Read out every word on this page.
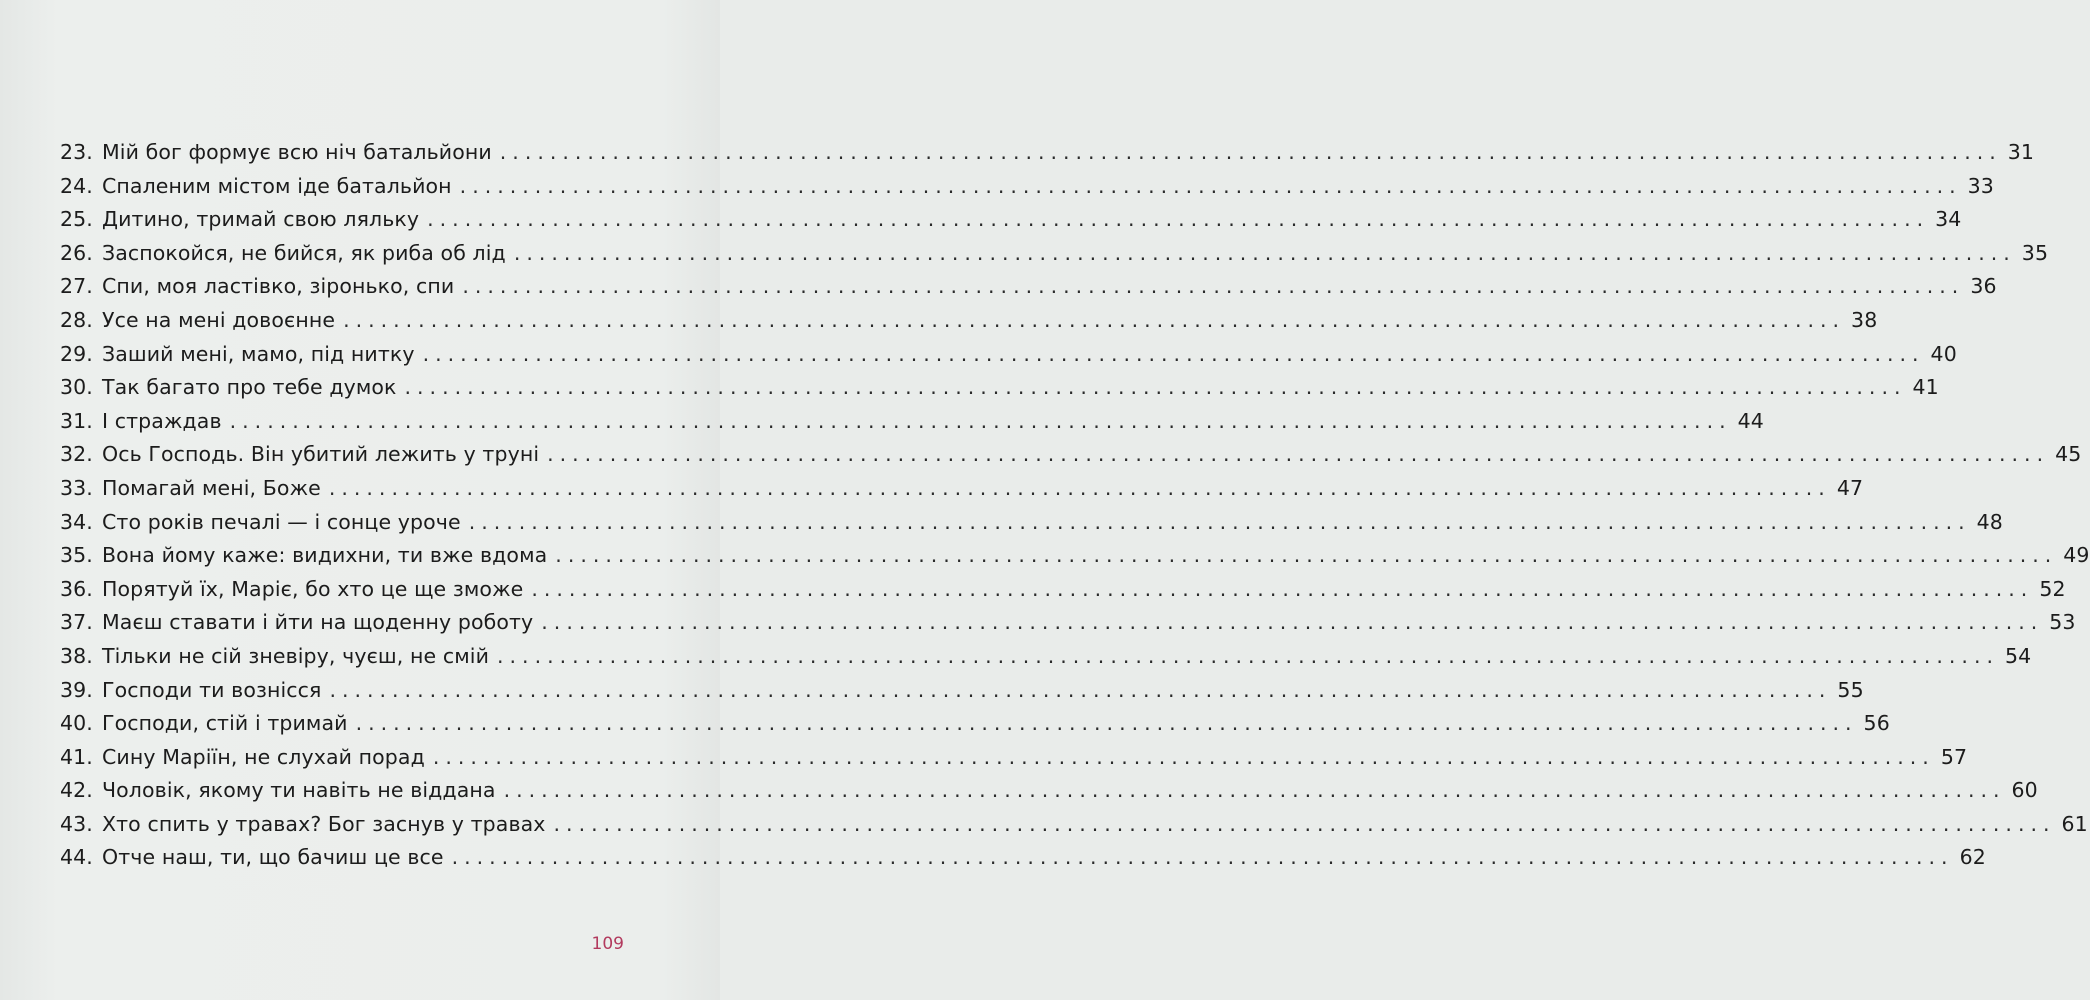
23. Мій бог формує всю ніч батальйони ........................................................................................................................ 31
24. Спаленим містом іде батальйон ........................................................................................................................ 33
25. Дитино, тримай свою ляльку ........................................................................................................................ 34
26. Заспокойся, не бийся, як риба об лід ........................................................................................................................ 35
27. Спи, моя ластівко, зіронько, спи ........................................................................................................................ 36
28. Усе на мені довоєнне ........................................................................................................................ 38
29. Заший мені, мамо, під нитку ........................................................................................................................ 40
30. Так багато про тебе думок ........................................................................................................................ 41
31. І страждав ........................................................................................................................ 44
32. Ось Господь. Він убитий лежить у труні ........................................................................................................................ 45
33. Помагай мені, Боже ........................................................................................................................ 47
34. Сто років печалі — і сонце уроче ........................................................................................................................ 48
35. Вона йому каже: видихни, ти вже вдома ........................................................................................................................ 49
36. Порятуй їх, Маріє, бо хто це ще зможе ........................................................................................................................ 52
37. Маєш ставати і йти на щоденну роботу ........................................................................................................................ 53
38. Тільки не сій зневіру, чуєш, не смій ........................................................................................................................ 54
39. Господи ти вознісся ........................................................................................................................ 55
40. Господи, стій і тримай ........................................................................................................................ 56
41. Сину Маріїн, не слухай порад ........................................................................................................................ 57
42. Чоловік, якому ти навіть не віддана ........................................................................................................................ 60
43. Хто спить у травах? Бог заснув у травах ........................................................................................................................ 61
44. Отче наш, ти, що бачиш це все ........................................................................................................................ 62
109
